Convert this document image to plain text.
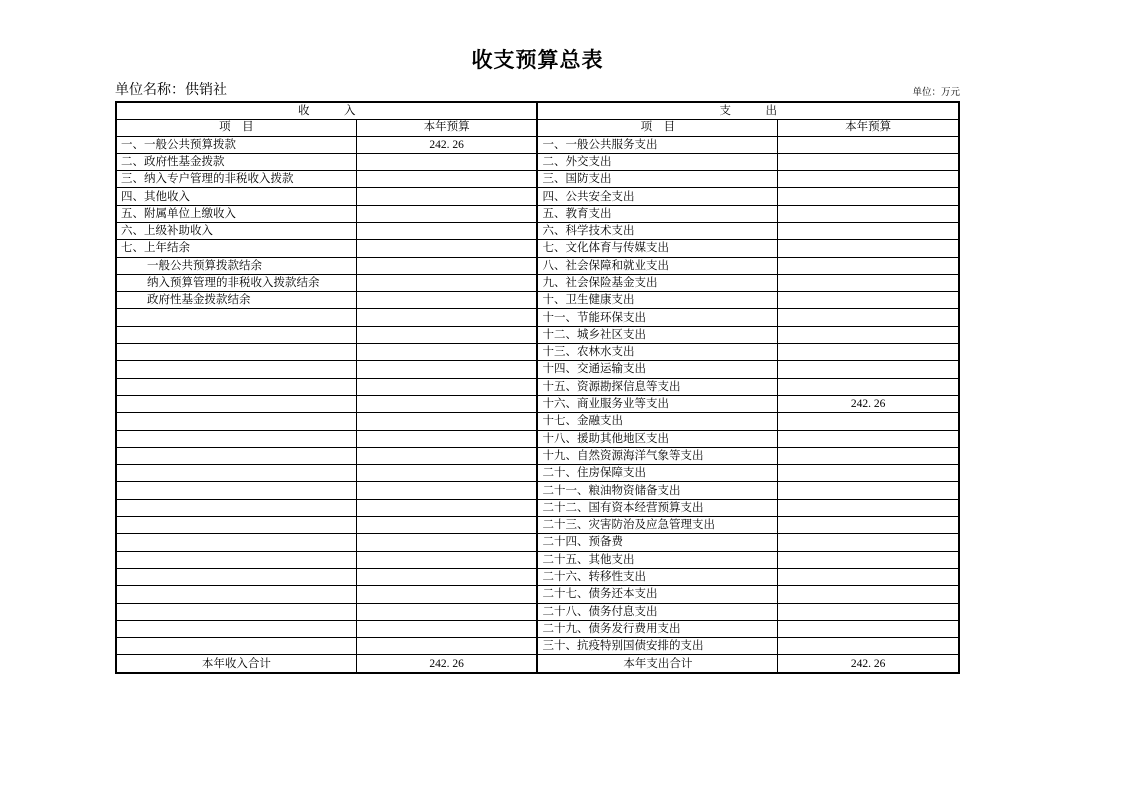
收支预算总表
单位名称：供销社	单位：万元
收　　　入		支　　　出	
项　目	本年预算	项　目	本年预算
一、一般公共预算拨款	242. 26	一、一般公共服务支出	
二、政府性基金拨款		二、外交支出	
三、纳入专户管理的非税收入拨款		三、国防支出	
四、其他收入		四、公共安全支出	
五、附属单位上缴收入		五、教育支出	
六、上级补助收入		六、科学技术支出	
七、上年结余		七、文化体育与传媒支出	
一般公共预算拨款结余		八、社会保障和就业支出	
纳入预算管理的非税收入拨款结余		九、社会保险基金支出	
政府性基金拨款结余		十、卫生健康支出	
		十一、节能环保支出	
		十二、城乡社区支出	
		十三、农林水支出	
		十四、交通运输支出	
		十五、资源勘探信息等支出	
		十六、商业服务业等支出	242. 26
		十七、金融支出	
		十八、援助其他地区支出	
		十九、自然资源海洋气象等支出	
		二十、住房保障支出	
		二十一、粮油物资储备支出	
		二十二、国有资本经营预算支出	
		二十三、灾害防治及应急管理支出	
		二十四、预备费	
		二十五、其他支出	
		二十六、转移性支出	
		二十七、债务还本支出	
		二十八、债务付息支出	
		二十九、债务发行费用支出	
		三十、抗疫特别国债安排的支出	
本年收入合计	242. 26	本年支出合计	242. 26
